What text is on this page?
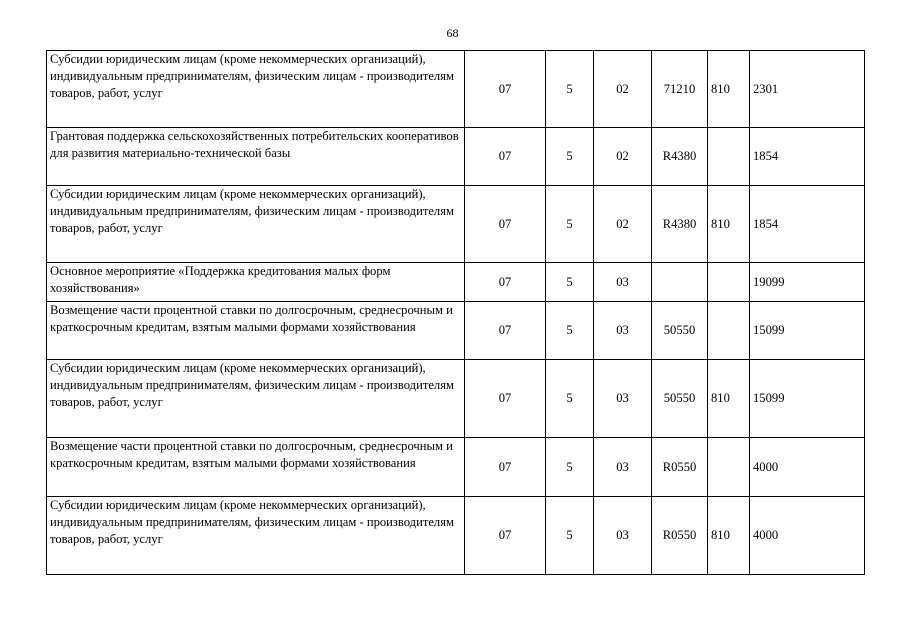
68
Субсидии юридическим лицам (кроме некоммерческих организаций), индивидуальным предпринимателям, физическим лицам - производителям товаров, работ, услуг	07	5	02	71210	810	2301
Грантовая поддержка сельскохозяйственных потребительских кооперативов для развития материально-технической базы	07	5	02	R4380		1854
Субсидии юридическим лицам (кроме некоммерческих организаций), индивидуальным предпринимателям, физическим лицам - производителям товаров, работ, услуг	07	5	02	R4380	810	1854
Основное мероприятие «Поддержка кредитования малых форм хозяйствования»	07	5	03			19099
Возмещение части процентной ставки по долгосрочным, среднесрочным и краткосрочным кредитам, взятым малыми формами хозяйствования	07	5	03	50550		15099
Субсидии юридическим лицам (кроме некоммерческих организаций), индивидуальным предпринимателям, физическим лицам - производителям товаров, работ, услуг	07	5	03	50550	810	15099
Возмещение части процентной ставки по долгосрочным, среднесрочным и краткосрочным кредитам, взятым малыми формами хозяйствования	07	5	03	R0550		4000
Субсидии юридическим лицам (кроме некоммерческих организаций), индивидуальным предпринимателям, физическим лицам - производителям товаров, работ, услуг	07	5	03	R0550	810	4000
